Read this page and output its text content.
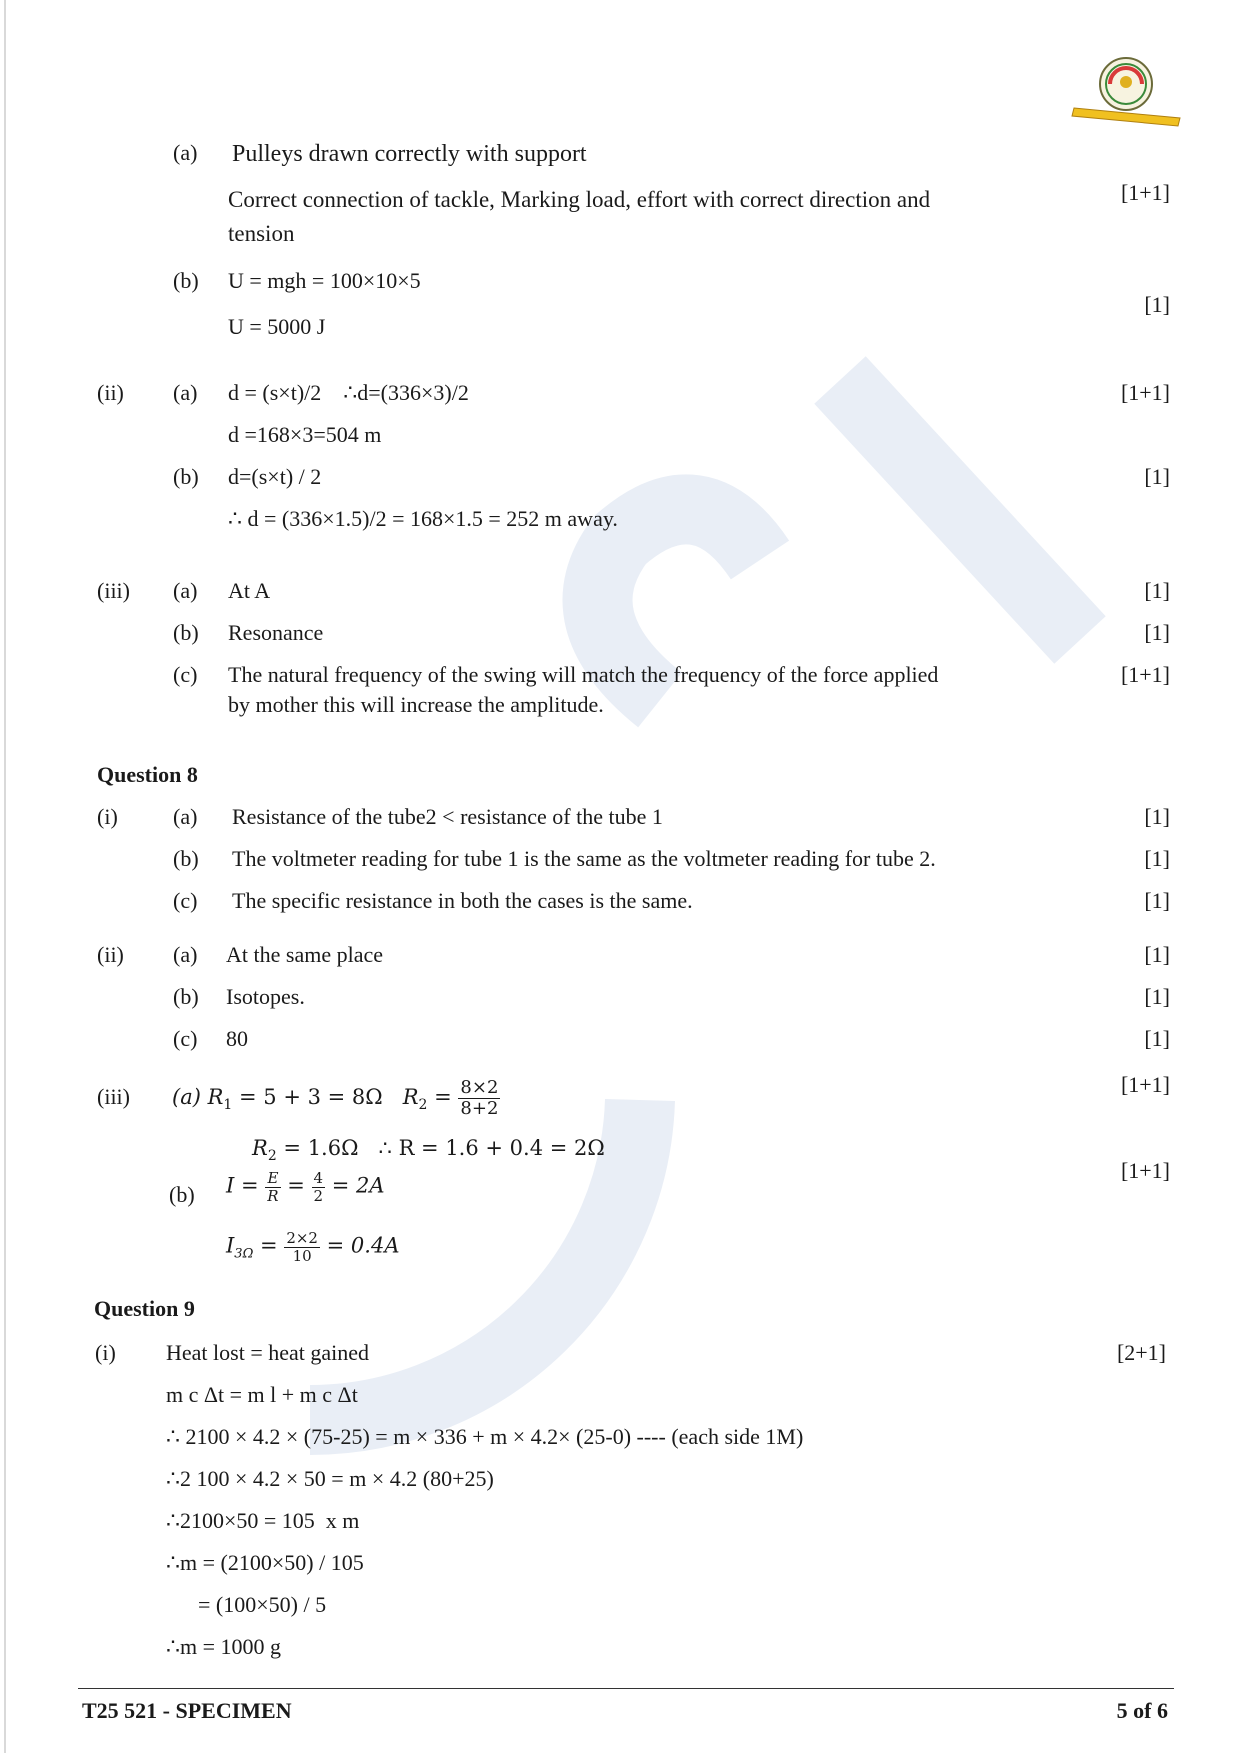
(a) Pulleys drawn correctly with support
Correct connection of tackle, Marking load, effort with correct direction and
tension
[1+1]
(b) U = mgh = 100×10×5
U = 5000 J
[1]
(ii) (a) d = (s×t)/2    ∴d=(336×3)/2
d =168×3=504 m
[1+1]
(b) d=(s×t) / 2
∴ d = (336×1.5)/2 = 168×1.5 = 252 m away.
[1]
(iii) (a) At A	[1]
(b) Resonance	[1]
(c) The natural frequency of the swing will match the frequency of the force applied
by mother this will increase the amplitude.
[1+1]
Question 8
(i)	(a) Resistance of the tube2 < resistance of the tube 1	[1]
(b) The voltmeter reading for tube 1 is the same as the voltmeter reading for tube 2.	[1]
(c) The specific resistance in both the cases is the same.	[1]
(ii) (a) At the same place	[1]
(b) Isotopes.	[1]
(c) 80	[1]
(iii) (a) $R_1 = 5 + 3 = 8\Omega$ $R_2 = \frac{8\times 2}{8+2}$	[1+1]
$R_2 = 1.6\Omega$   ∴ R = 1.6 + 0.4 = 2Ω
(b) $I = \frac{E}{R} = \frac{4}{2} = 2A$
[1+1]
$I_{3\Omega} = \frac{2\times 2}{10} = 0.4A$
Question 9
(i)	[2+1]
Heat lost = heat gained
m c Δt = m l + m c Δt
∴ 2100 × 4.2 × (75-25) = m × 336 + m × 4.2× (25-0) ---- (each side 1M)
∴2 100 × 4.2 × 50 = m × 4.2 (80+25)
∴2100×50 = 105  x m
∴m = (2100×50) / 105
= (100×50) / 5
∴m = 1000 g
T25 521 - SPECIMEN	5 of 6
